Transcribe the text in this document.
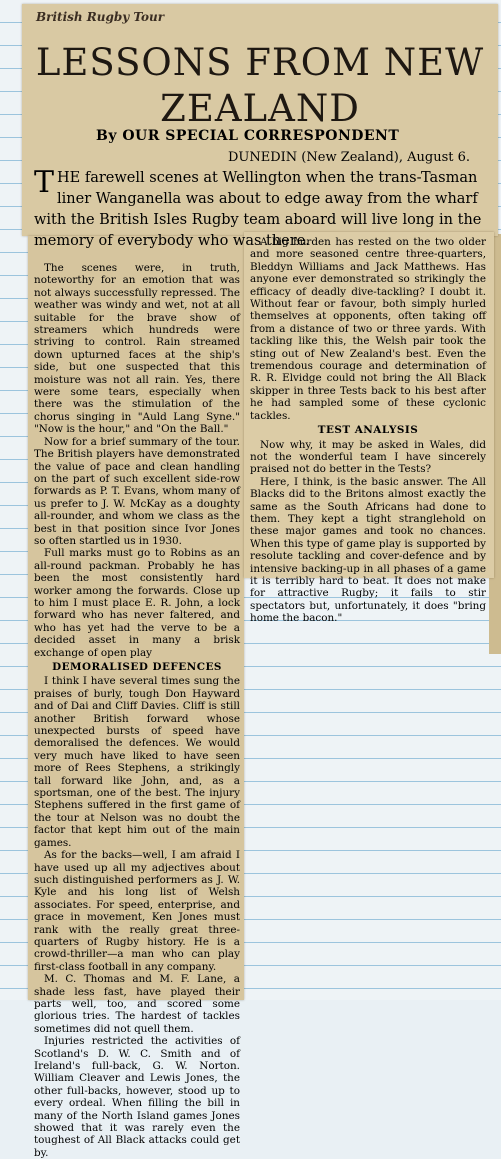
British Rugby Tour
LESSONS FROM NEW ZEALAND
By OUR SPECIAL CORRESPONDENT
DUNEDIN (New Zealand), August 6.
THE farewell scenes at Wellington when the trans-Tasman liner Wanganella was about to edge away from the wharf with the British Isles Rugby team aboard will live long in the memory of everybody who was there.

The scenes were, in truth, noteworthy for an emotion that was not always successfully repressed. The weather was windy and wet, not at all suitable for the brave show of streamers which hundreds were striving to control. Rain streamed down upturned faces at the ship's side, but one suspected that this moisture was not all rain. Yes, there were some tears, especially when there was the stimulation of the chorus singing in "Auld Lang Syne." "Now is the hour," and "On the Ball."

Now for a brief summary of the tour. The British players have demonstrated the value of pace and clean handling on the part of such excellent side-row forwards as P. T. Evans, whom many of us prefer to J. W. McKay as a doughty all-rounder, and whom we class as the best in that position since Ivor Jones so often startled us in 1930.

Full marks must go to Robins as an all-round packman. Probably he has been the most consistently hard worker among the forwards. Close up to him I must place E. R. John, a lock forward who has never faltered, and who has yet had the verve to be a decided asset in many a brisk exchange of open play

DEMORALISED DEFENCES

I think I have several times sung the praises of burly, tough Don Hayward and of Dai and Cliff Davies. Cliff is still another British forward whose unexpected bursts of speed have demoralised the defences. We would very much have liked to have seen more of Rees Stephens, a strikingly tall forward like John, and, as a sportsman, one of the best. The injury Stephens suffered in the first game of the tour at Nelson was no doubt the factor that kept him out of the main games.

As for the backs—well, I am afraid I have used up all my adjectives about such distinguished performers as J. W. Kyle and his long list of Welsh associates. For speed, enterprise, and grace in movement, Ken Jones must rank with the really great three-quarters of Rugby history. He is a crowd-thriller—a man who can play first-class football in any company.

M. C. Thomas and M. F. Lane, a shade less fast, have played their parts well, too, and scored some glorious tries. The hardest of tackles sometimes did not quell them.

Injuries restricted the activities of Scotland's D. W. C. Smith and of Ireland's full-back, G. W. Norton. William Cleaver and Lewis Jones, the other full-backs, however, stood up to every ordeal. When filling the bill in many of the North Island games Jones showed that it was rarely even the toughest of All Black attacks could get by.

A big burden has rested on the two older and more seasoned centre three-quarters, Bleddyn Williams and Jack Matthews. Has anyone ever demonstrated so strikingly the efficacy of deadly dive-tackling? I doubt it. Without fear or favour, both simply hurled themselves at opponents, often taking off from a distance of two or three yards. With tackling like this, the Welsh pair took the sting out of New Zealand's best. Even the tremendous courage and determination of R. R. Elvidge could not bring the All Black skipper in three Tests back to his best after he had sampled some of these cyclonic tackles.

TEST ANALYSIS

Now why, it may be asked in Wales, did not the wonderful team I have sincerely praised not do better in the Tests?

Here, I think, is the basic answer. The All Blacks did to the Britons almost exactly the same as the South Africans had done to them. They kept a tight stranglehold on these major games and took no chances. When this type of game play is supported by resolute tackling and cover-defence and by intensive backing-up in all phases of a game it is terribly hard to beat. It does not make for attractive Rugby; it fails to stir spectators but, unfortunately, it does "bring home the bacon."
